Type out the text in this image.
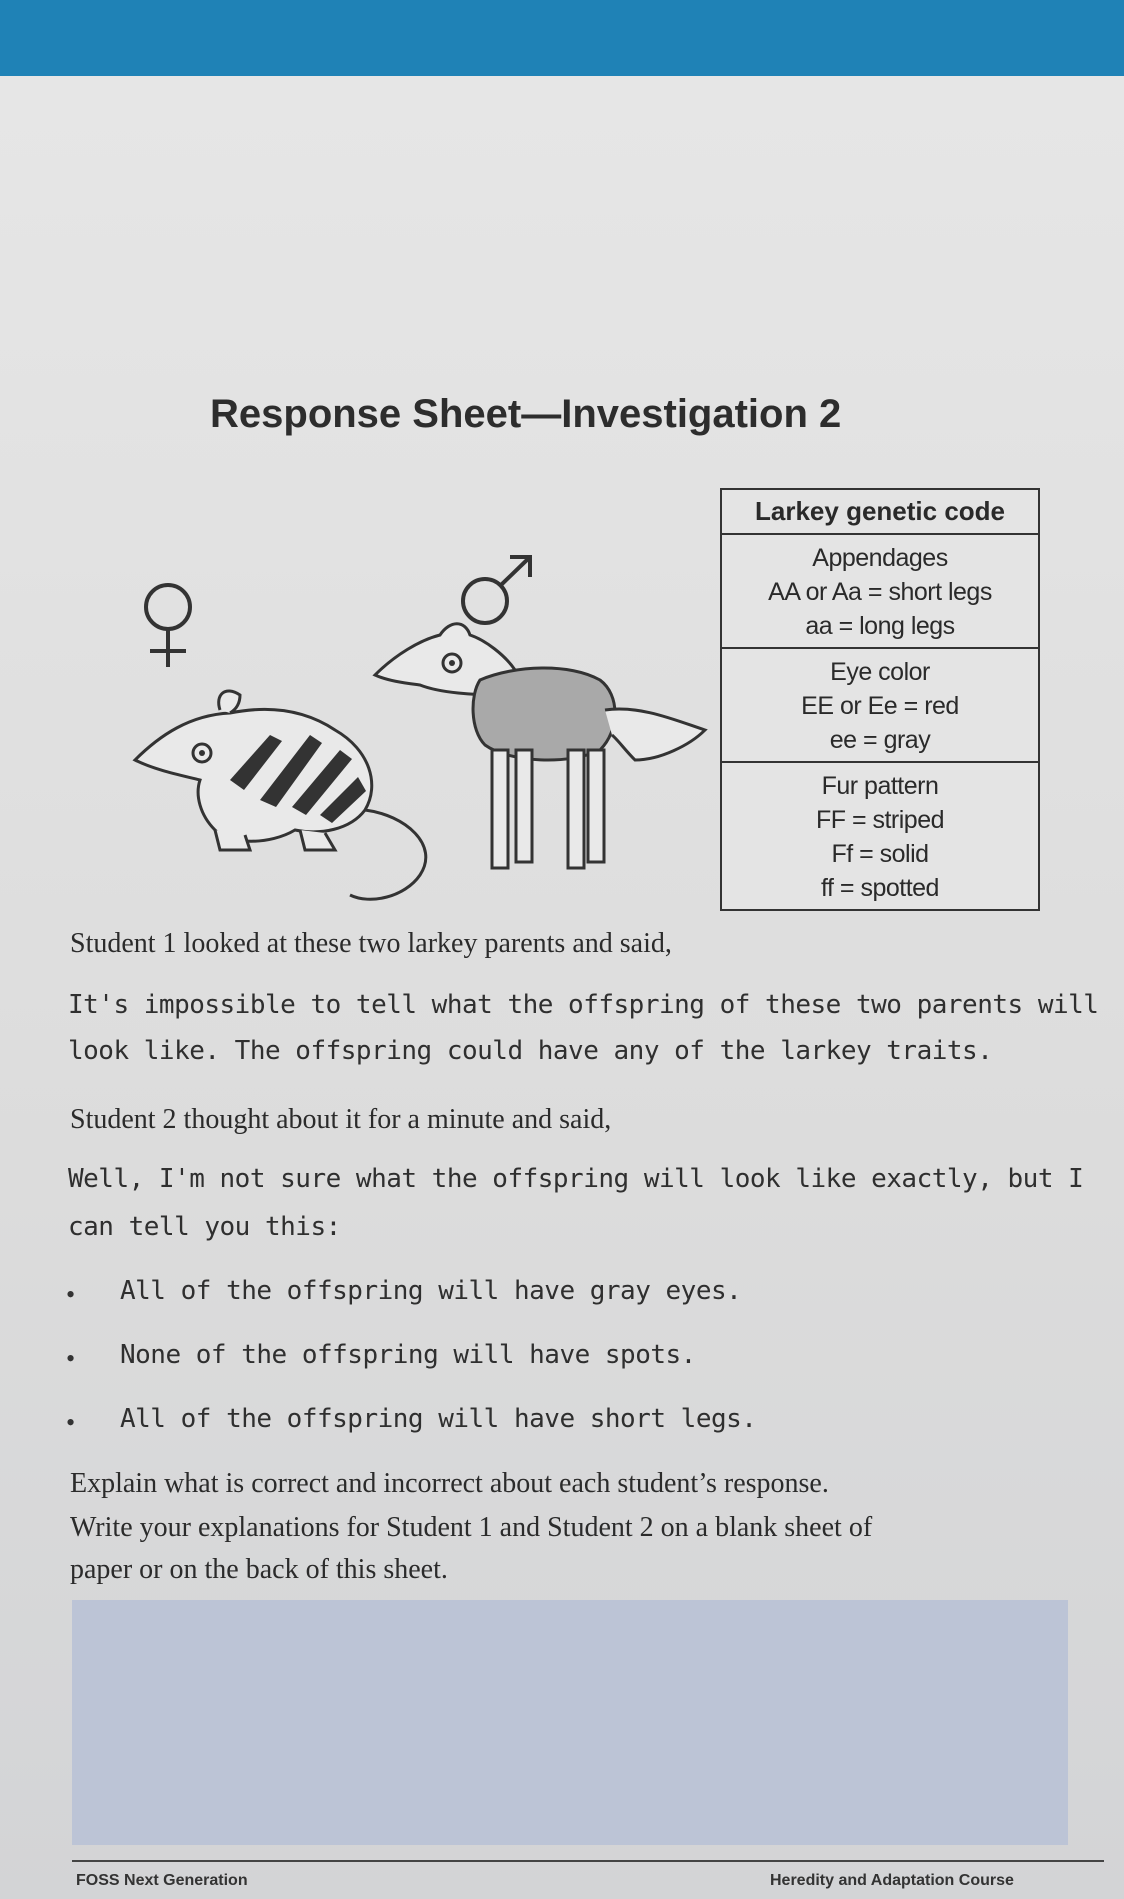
Response Sheet—Investigation 2
Larkey genetic code
Appendages
AA or Aa = short legs
aa = long legs
Eye color
EE or Ee = red
ee = gray
Fur pattern
FF = striped
Ff = solid
ff = spotted
Student 1 looked at these two larkey parents and said,
It's impossible to tell what the offspring of these two parents will
look like. The offspring could have any of the larkey traits.
Student 2 thought about it for a minute and said,
Well, I'm not sure what the offspring will look like exactly, but I
can tell you this:
• All of the offspring will have gray eyes.
• None of the offspring will have spots.
• All of the offspring will have short legs.
Explain what is correct and incorrect about each student’s response.
Write your explanations for Student 1 and Student 2 on a blank sheet of
paper or on the back of this sheet.
FOSS Next Generation	Heredity and Adaptation Course
